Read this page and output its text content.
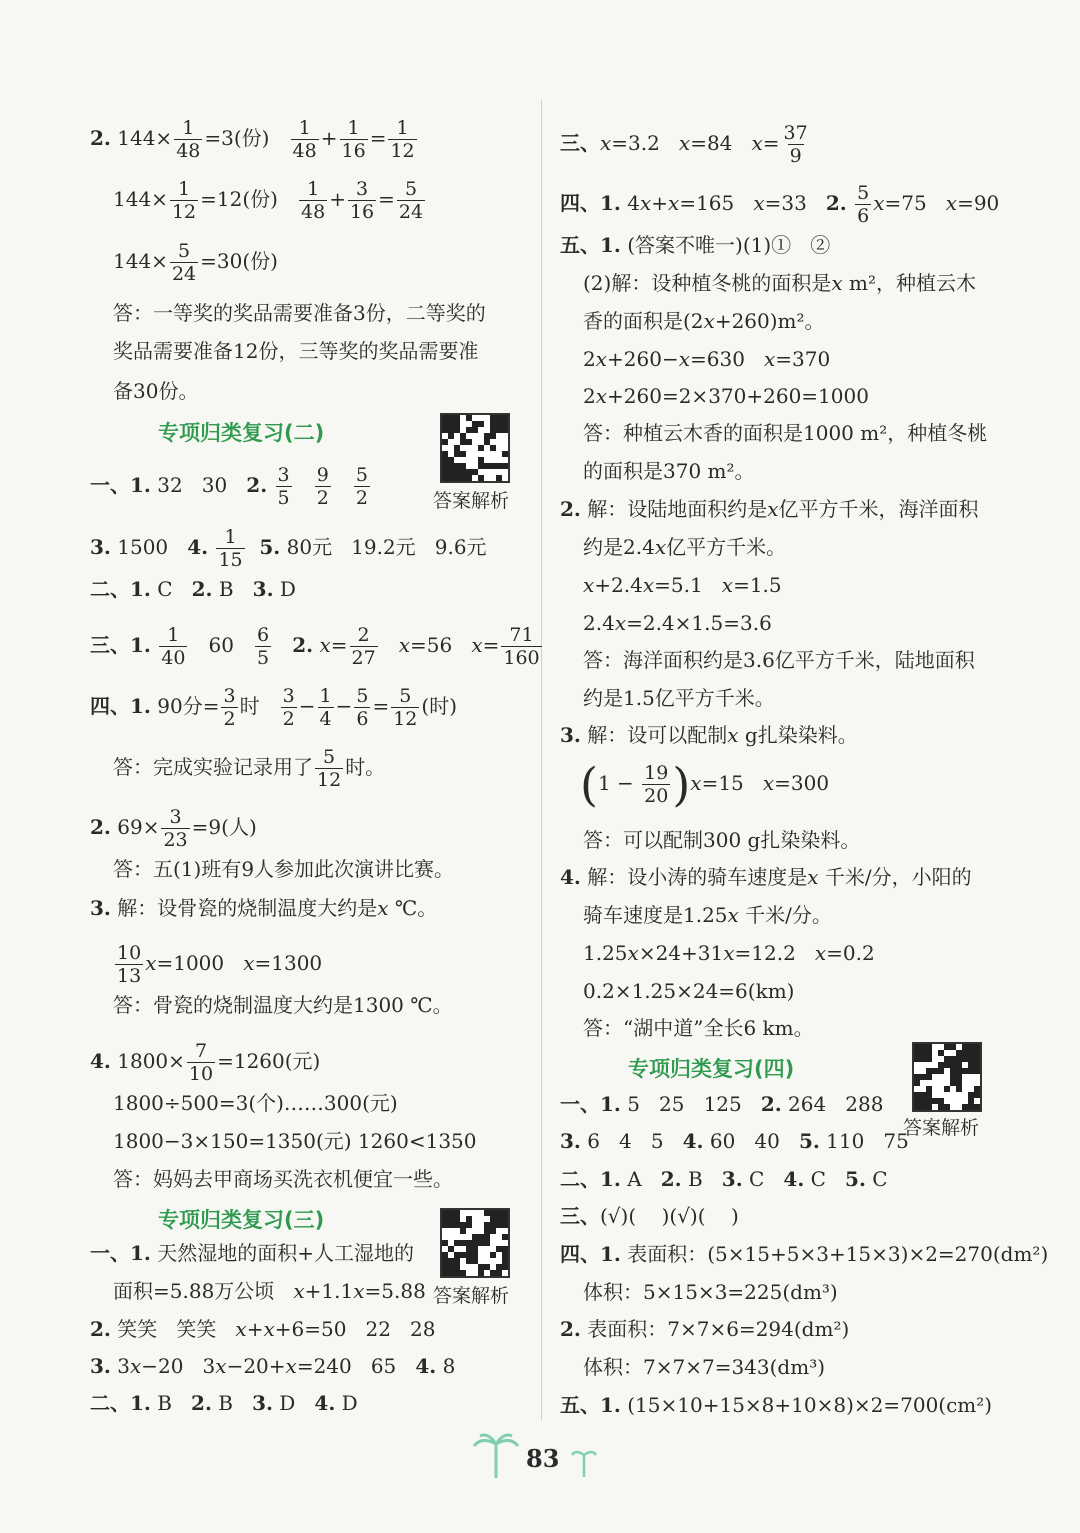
2. $144\times \frac{1}{48} =3$(份) $\frac{1}{48} + \frac{1}{16} = \frac{1}{12}$
$144\times \frac{1}{12} =12$(份) $\frac{1}{48} + \frac{3}{16} = \frac{5}{24}$
$144\times \frac{5}{24} =30$(份)
答：一等奖的奖品需要准备3份，二等奖的
奖品需要准备12份，三等奖的奖品需要准
备30份。
专项归类复习(二)
答案解析
一、1. 32   30   2. $\frac{3}{5}$
$\frac{9}{2}$
$\frac{5}{2}$
3. 1500   4. $\frac{1}{15} 5$. 80元   19.2元   9.6元
二、1. C   2. B   3. D
三、1. $\frac{1}{40} 60 \frac{6}{5} 2$. $x= \frac{2}{27} x=56$   $x= \frac{71}{160}$
四、1. 90分= $\frac{3}{2}$ 时 $\frac{3}{2} - \frac{1}{4} - \frac{5}{6} = \frac{5}{12}$ (时)
答：完成实验记录用了 $\frac{5}{12}$ 时。
2. $69\times \frac{3}{23} =9$(人)
答：五(1)班有9人参加此次演讲比赛。
3. 解：设骨瓷的烧制温度大约是x ℃。
$\frac{10}{13} x=1000$   x=1300
答：骨瓷的烧制温度大约是1300 ℃。
4. $1800\times \frac{7}{10} =1260$(元)
1800÷500=3(个)……300(元)
1800−3×150=1350(元) 1260<1350
答：妈妈去甲商场买洗衣机便宜一些。
专项归类复习(三)
答案解析
一、1. 天然湿地的面积+人工湿地的
面积=5.88万公顷   x+1.1x=5.88
2. 笑笑   笑笑   x+x+6=50   22   28
3. 3x−20   3x−20+x=240   65   4. 8
二、1. B   2. B   3. D   4. D
三、x=3.2   x=84   $x= \frac{37}{9}$
四、1. 4x+x=165   x=33   2. $\frac{5}{6} x=75$   x=90
五、1. (答案不唯一)(1)①   ②
(2)解：设种植冬桃的面积是x m²，种植云木
香的面积是(2x+260)m²。
2x+260−x=630   x=370
2x+260=2×370+260=1000
答：种植云木香的面积是1000 m²，种植冬桃
的面积是370 m²。
2. 解：设陆地面积约是x亿平方千米，海洋面积
约是2.4x亿平方千米。
x+2.4x=5.1   x=1.5
2.4x=2.4×1.5=3.6
答：海洋面积约是3.6亿平方千米，陆地面积
约是1.5亿平方千米。
3. 解：设可以配制x g扎染染料。
$(1 - \frac{19}{20} )x=15$   x=300
答：可以配制300 g扎染染料。
4. 解：设小涛的骑车速度是x 千米/分，小阳的
骑车速度是1.25x 千米/分。
1.25x×24+31x=12.2   x=0.2
0.2×1.25×24=6(km)
答：“湖中道”全长6 km。
专项归类复习(四)
答案解析
一、1. 5   25   125   2. 264   288
3. 6   4   5   4. 60   40   5. 110   75
二、1. A   2. B   3. C   4. C   5. C
三、(√)(    )(√)(    )
四、1. 表面积：(5×15+5×3+15×3)×2=270(dm²)
体积：5×15×3=225(dm³)
2. 表面积：7×7×6=294(dm²)
体积：7×7×7=343(dm³)
五、1. (15×10+15×8+10×8)×2=700(cm²)
83
